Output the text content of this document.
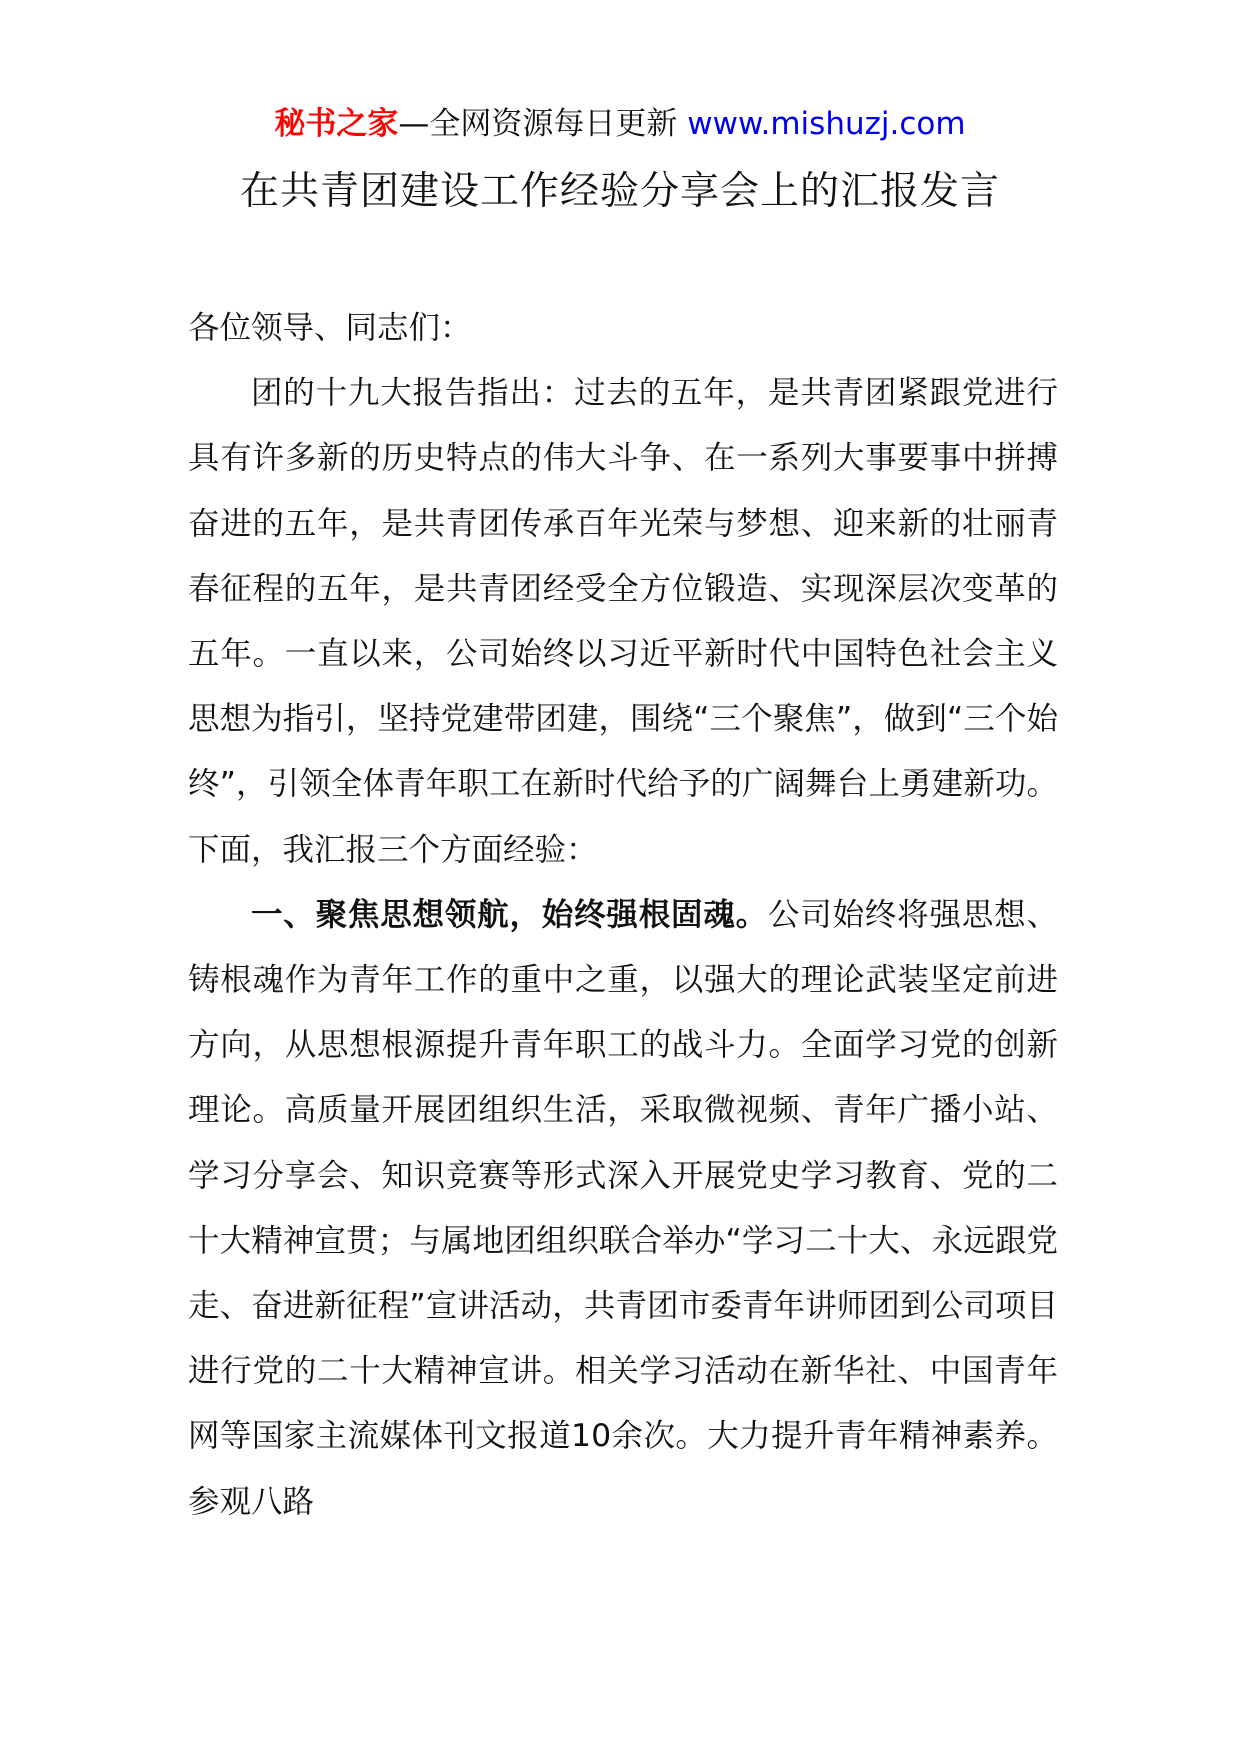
秘书之家—全网资源每日更新 www.mishuzj.com
在共青团建设工作经验分享会上的汇报发言

各位领导、同志们：

团的十九大报告指出：过去的五年，是共青团紧跟党进行具有许多新的历史特点的伟大斗争、在一系列大事要事中拼搏奋进的五年，是共青团传承百年光荣与梦想、迎来新的壮丽青春征程的五年，是共青团经受全方位锻造、实现深层次变革的五年。一直以来，公司始终以习近平新时代中国特色社会主义思想为指引，坚持党建带团建，围绕“三个聚焦”，做到“三个始终”，引领全体青年职工在新时代给予的广阔舞台上勇建新功。下面，我汇报三个方面经验：

一、聚焦思想领航，始终强根固魂。公司始终将强思想、铸根魂作为青年工作的重中之重，以强大的理论武装坚定前进方向，从思想根源提升青年职工的战斗力。全面学习党的创新理论。高质量开展团组织生活，采取微视频、青年广播小站、学习分享会、知识竞赛等形式深入开展党史学习教育、党的二十大精神宣贯；与属地团组织联合举办“学习二十大、永远跟党走、奋进新征程”宣讲活动，共青团市委青年讲师团到公司项目进行党的二十大精神宣讲。相关学习活动在新华社、中国青年网等国家主流媒体刊文报道10余次。大力提升青年精神素养。参观八路
